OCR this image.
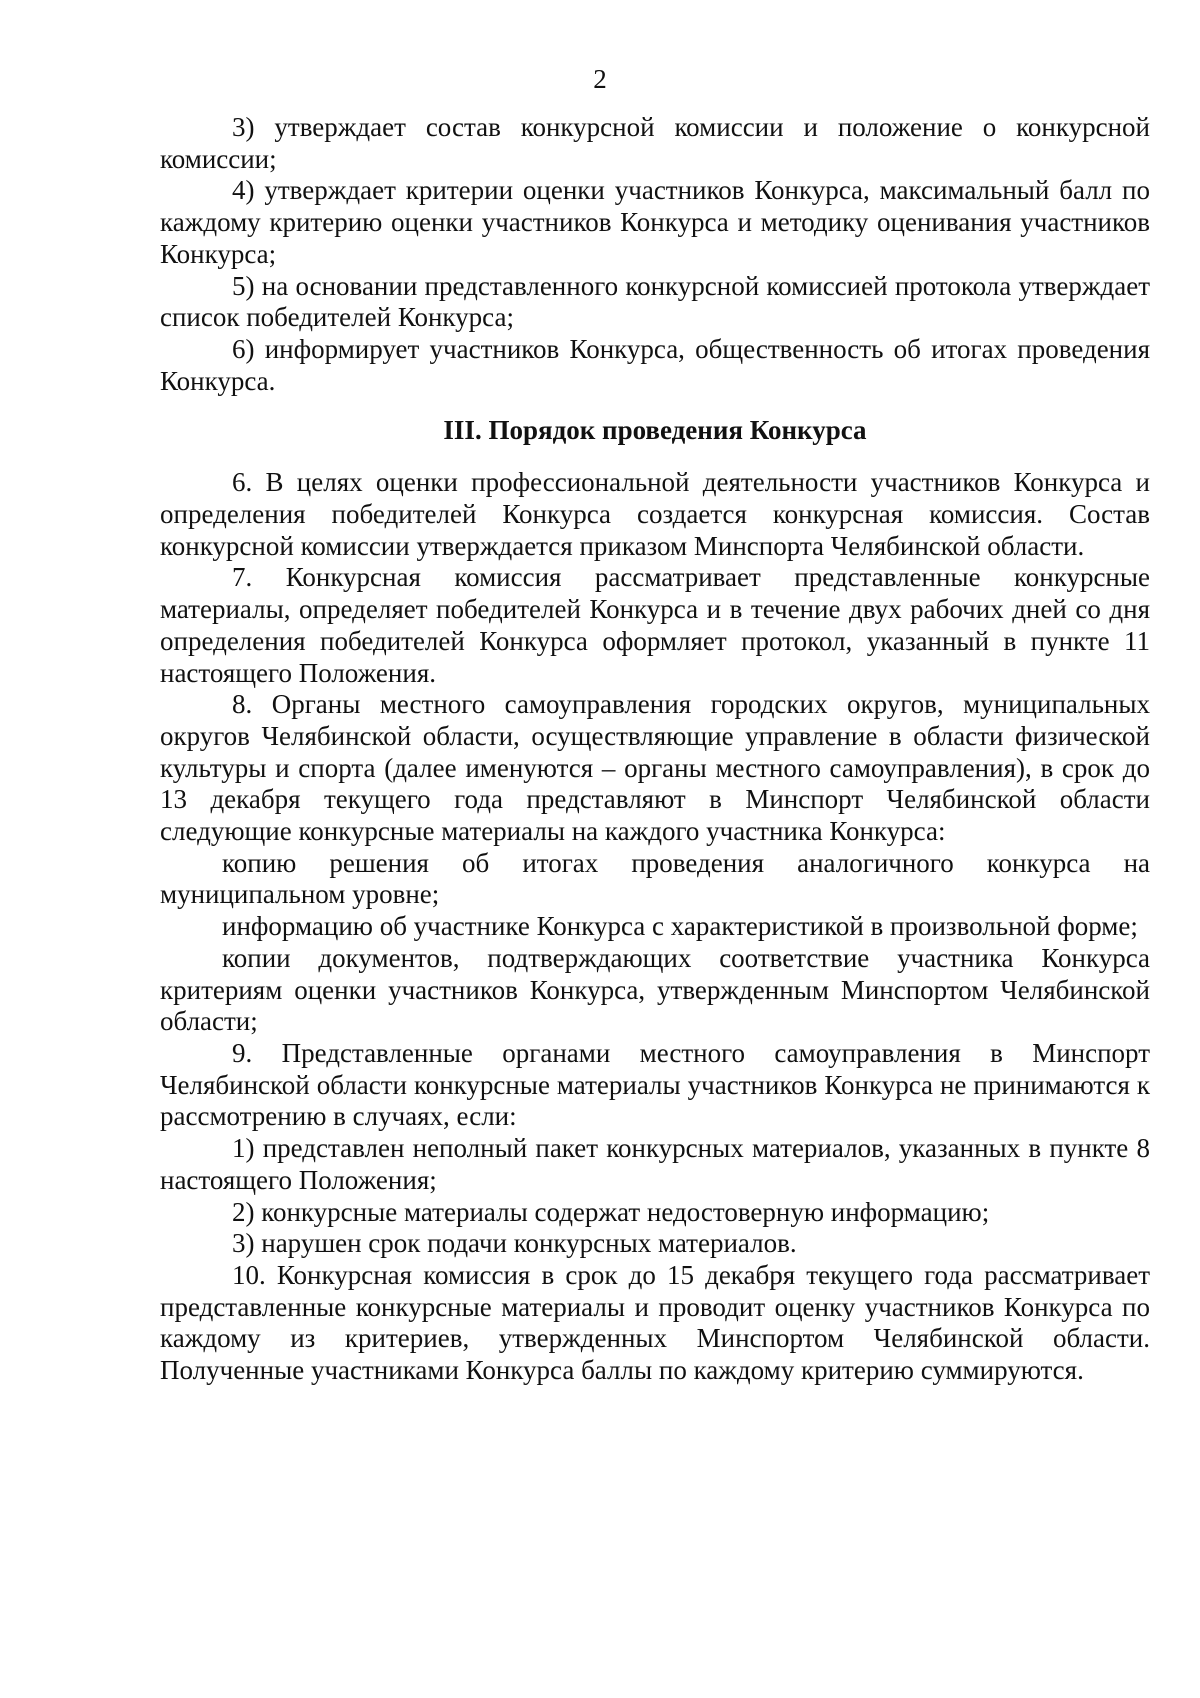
2

3) утверждает состав конкурсной комиссии и положение о конкурсной комиссии;

4) утверждает критерии оценки участников Конкурса, максимальный балл по каждому критерию оценки участников Конкурса и методику оценивания участников Конкурса;

5) на основании представленного конкурсной комиссией протокола утверждает список победителей Конкурса;

6) информирует участников Конкурса, общественность об итогах проведения Конкурса.

III. Порядок проведения Конкурса

6. В целях оценки профессиональной деятельности участников Конкурса и определения победителей Конкурса создается конкурсная комиссия. Состав конкурсной комиссии утверждается приказом Минспорта Челябинской области.

7. Конкурсная комиссия рассматривает представленные конкурсные материалы, определяет победителей Конкурса и в течение двух рабочих дней со дня определения победителей Конкурса оформляет протокол, указанный в пункте 11 настоящего Положения.

8. Органы местного самоуправления городских округов, муниципальных округов Челябинской области, осуществляющие управление в области физической культуры и спорта (далее именуются – органы местного самоуправления), в срок до 13 декабря текущего года представляют в Минспорт Челябинской области следующие конкурсные материалы на каждого участника Конкурса:

копию решения об итогах проведения аналогичного конкурса на муниципальном уровне;

информацию об участнике Конкурса с характеристикой в произвольной форме;

копии документов, подтверждающих соответствие участника Конкурса критериям оценки участников Конкурса, утвержденным Минспортом Челябинской области;

9. Представленные органами местного самоуправления в Минспорт Челябинской области конкурсные материалы участников Конкурса не принимаются к рассмотрению в случаях, если:

1) представлен неполный пакет конкурсных материалов, указанных в пункте 8 настоящего Положения;

2) конкурсные материалы содержат недостоверную информацию;

3) нарушен срок подачи конкурсных материалов.

10. Конкурсная комиссия в срок до 15 декабря текущего года рассматривает представленные конкурсные материалы и проводит оценку участников Конкурса по каждому из критериев, утвержденных Минспортом Челябинской области. Полученные участниками Конкурса баллы по каждому критерию суммируются.
